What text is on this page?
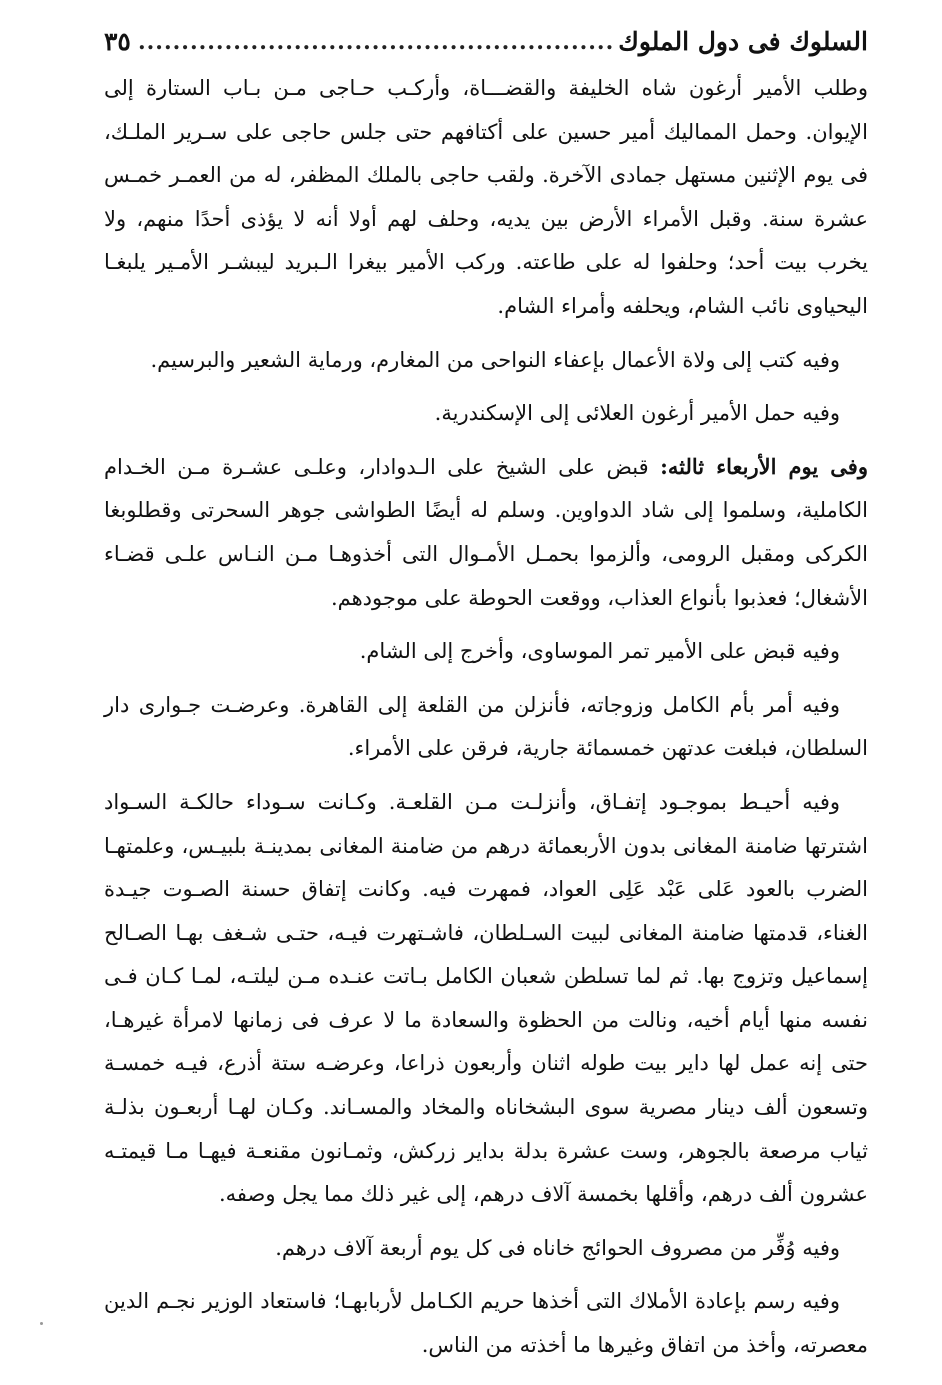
السلوك فى دول الملوك
.....
٣٥

وطلب الأمير أرغون شاه الخليفة والقضـــاة، وأركـب حـاجى مـن بـاب الستارة إلى الإيوان. وحمل المماليك أمير حسين على أكتافهم حتى جلس حاجى على سـرير الملـك، فى يوم الإثنين مستهل جمادى الآخرة. ولقب حاجى بالملك المظفر، له من العمـر خمـس عشرة سنة. وقبل الأمراء الأرض بين يديه، وحلف لهم أولا أنه لا يؤذى أحدًا منهم، ولا يخرب بيت أحد؛ وحلفوا له على طاعته. وركب الأمير بيغرا الـبريد ليبشـر الأمـير يلبغـا اليحياوى نائب الشام، ويحلفه وأمراء الشام.

وفيه كتب إلى ولاة الأعمال بإعفاء النواحى من المغارم، ورماية الشعير والبرسيم.

وفيه حمل الأمير أرغون العلائى إلى الإسكندرية.

وفى يوم الأربعاء ثالثه: قبض على الشيخ على الـدوادار، وعلـى عشـرة مـن الخـدام الكاملية، وسلموا إلى شاد الدواوين. وسلم له أيضًا الطواشى جوهر السحرتى وقطلوبغا الكركى ومقبل الرومى، وألزموا بحمـل الأمـوال التى أخذوهـا مـن النـاس علـى قضـاء الأشغال؛ فعذبوا بأنواع العذاب، ووقعت الحوطة على موجودهم.

وفيه قبض على الأمير تمر الموساوى، وأخرج إلى الشام.

وفيه أمر بأم الكامل وزوجاته، فأنزلن من القلعة إلى القاهرة. وعرضـت جـوارى دار السلطان، فبلغت عدتهن خمسمائة جارية، فرقن على الأمراء.

وفيه أحيـط بموجـود إتفـاق، وأنزلـت مـن القلعـة. وكـانت سـوداء حالكـة السـواد اشترتها ضامنة المغانى بدون الأربعمائة درهم من ضامنة المغانى بمدينـة بلبيـس، وعلمتهـا الضرب بالعود عَلى عَبْد عَلِى العواد، فمهرت فيه. وكانت إتفاق حسنة الصـوت جيـدة الغناء، قدمتها ضامنة المغانى لبيت السـلطان، فاشـتهرت فيـه، حتـى شـغف بهـا الصـالح إسماعيل وتزوج بها. ثم لما تسلطن شعبان الكامل بـاتت عنـده مـن ليلتـه، لمـا كـان فـى نفسه منها أيام أخيه، ونالت من الحظوة والسعادة ما لا عرف فى زمانها لامرأة غيرهـا، حتى إنه عمل لها داير بيت طوله اثنان وأربعون ذراعا، وعرضـه ستة أذرع، فيـه خمسـة وتسعون ألف دينار مصرية سوى البشخاناه والمخاد والمسـاند. وكـان لهـا أربعـون بذلـة ثياب مرصعة بالجوهر، وست عشرة بدلة بداير زركش، وثمـانون مقنعـة فيهـا مـا قيمتـه عشرون ألف درهم، وأقلها بخمسة آلاف درهم، إلى غير ذلك مما يجل وصفه.

وفيه وُفِّر من مصروف الحوائج خاناه فى كل يوم أربعة آلاف درهم.

وفيه رسم بإعادة الأملاك التى أخذها حريم الكـامل لأربابهـا؛ فاستعاد الوزير نجـم الدين معصرته، وأخذ من اتفاق وغيرها ما أخذته من الناس.
